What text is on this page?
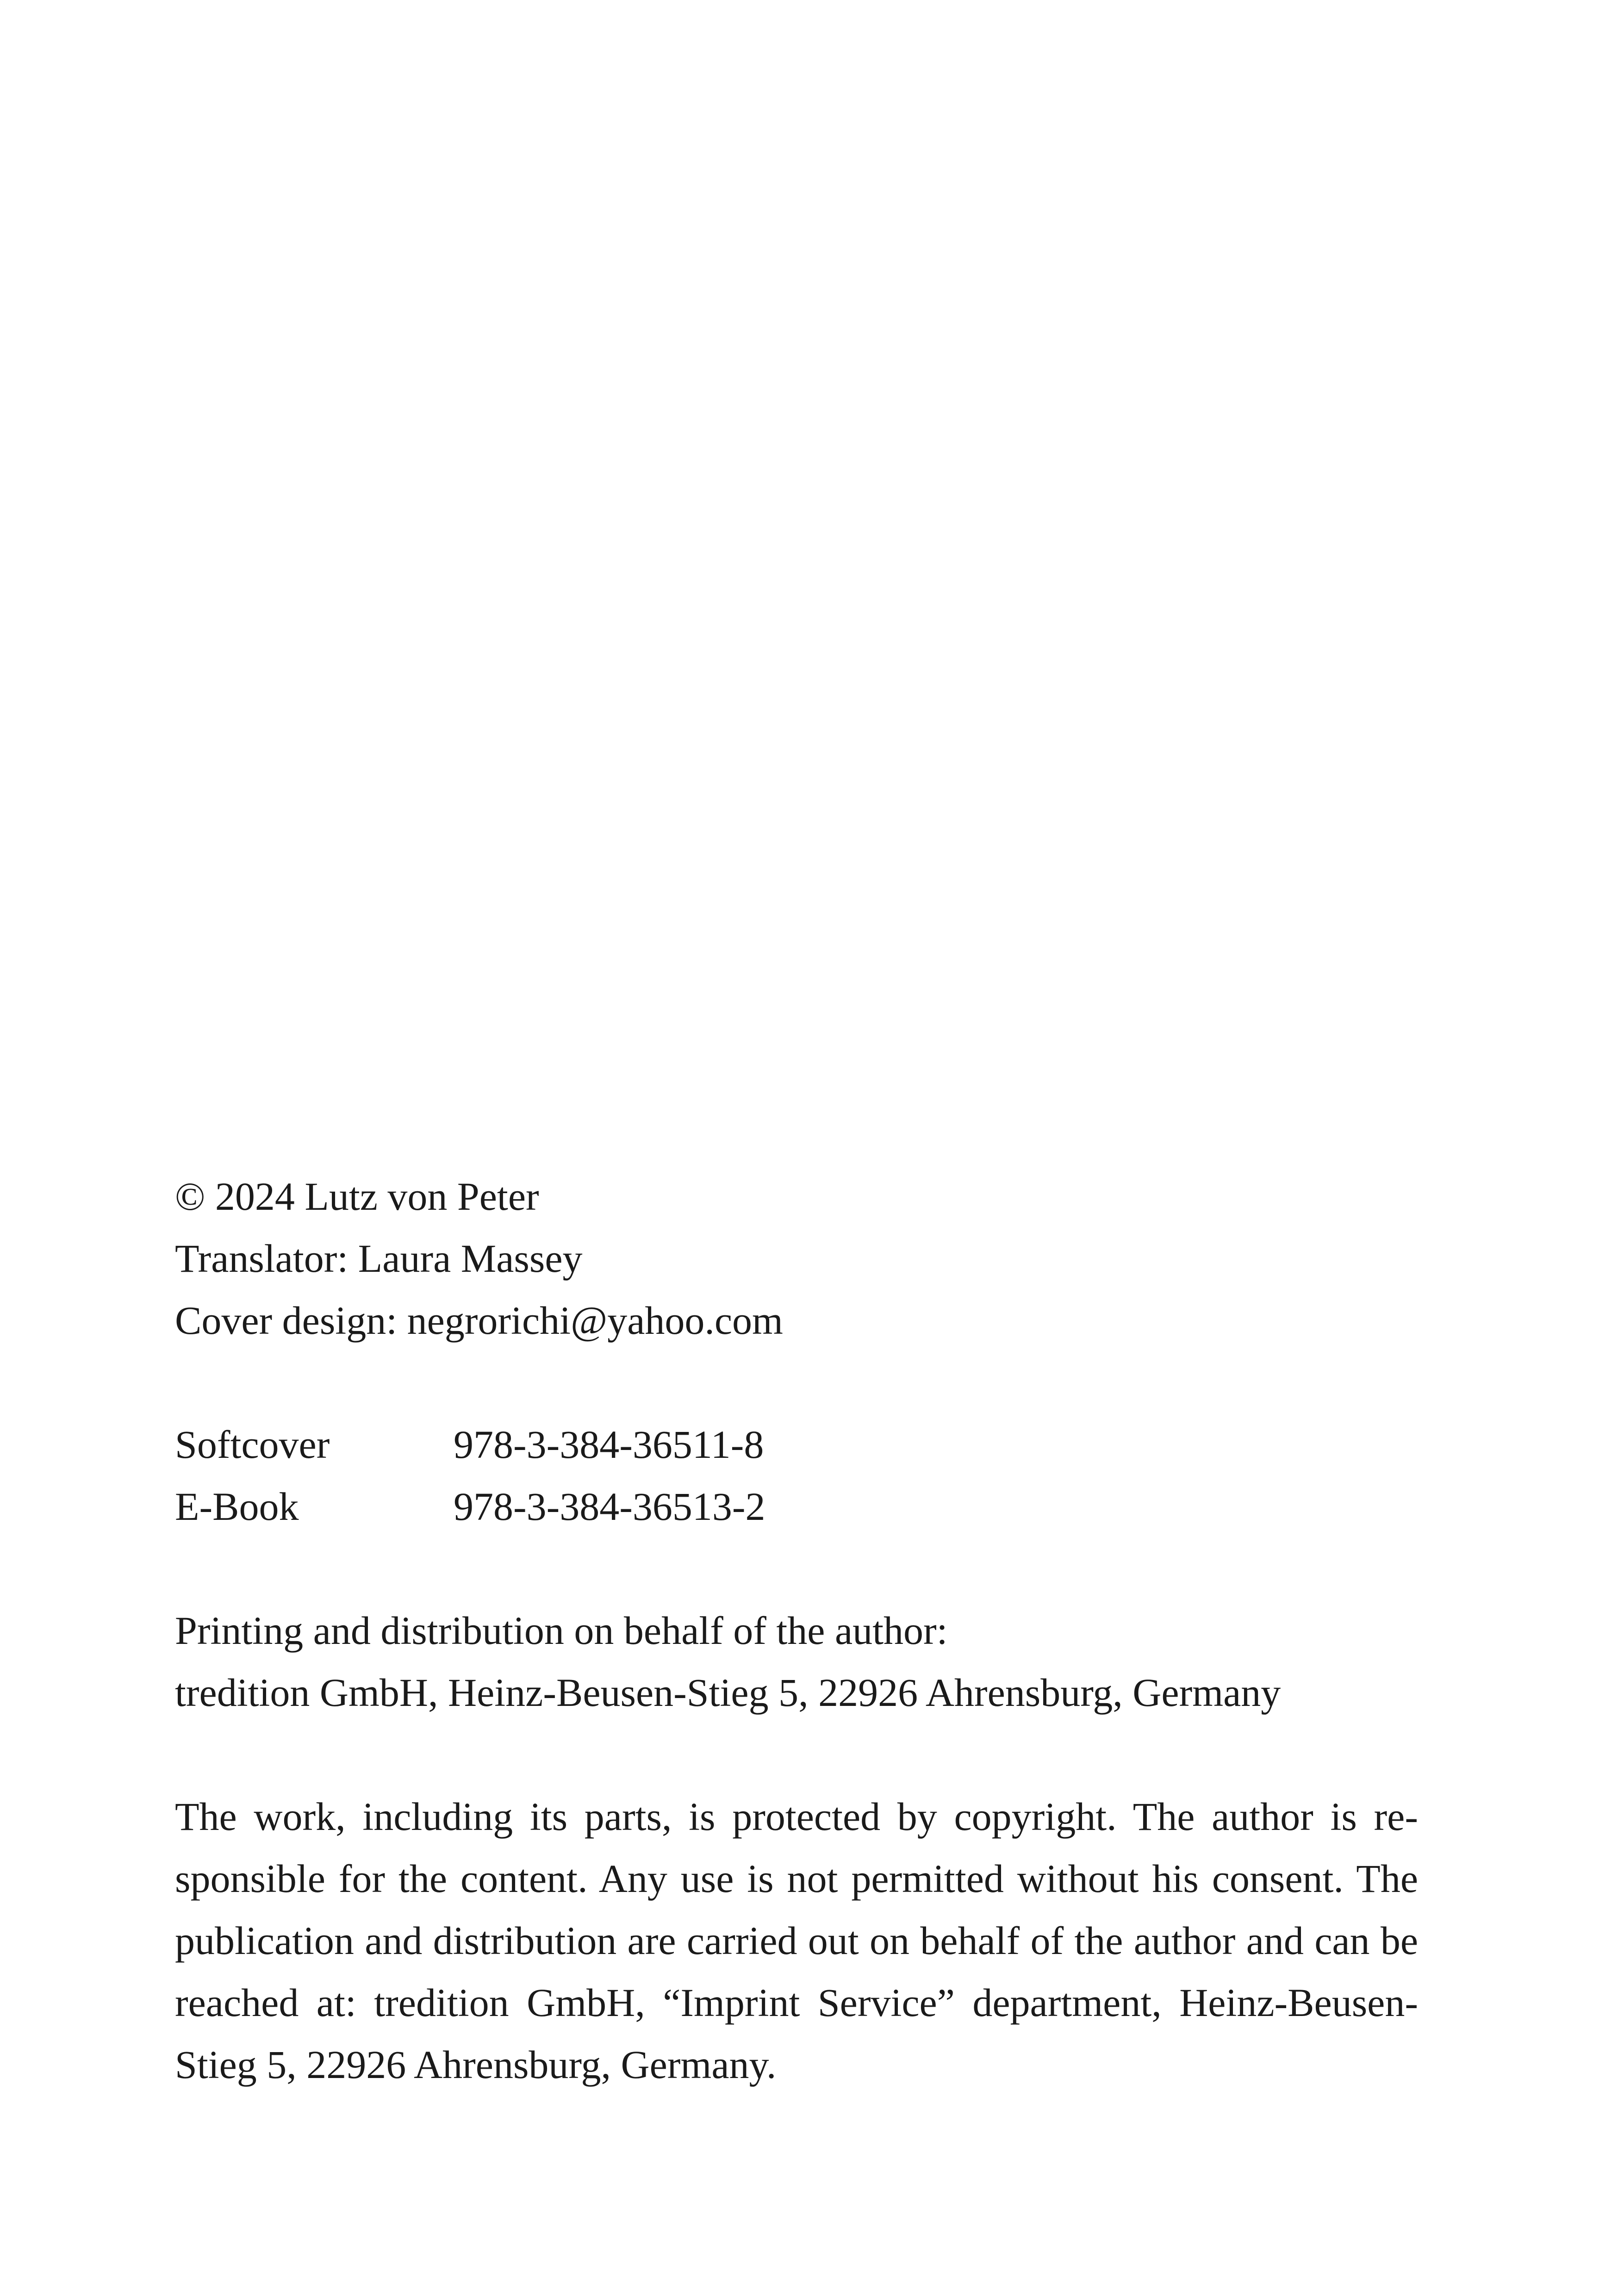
© 2024 Lutz von Peter
Translator: Laura Massey
Cover design: negrorichi@yahoo.com
Softcover	978-3-384-36511-8
E-Book	978-3-384-36513-2
Printing and distribution on behalf of the author:
tredition GmbH, Heinz-Beusen-Stieg 5, 22926 Ahrensburg, Germany

The work, including its parts, is protected by copyright. The author is responsible for the content. Any use is not permitted without his consent. The publication and distribution are carried out on behalf of the author and can be reached at: tredition GmbH, “Imprint Service” department, Heinz-Beusen-Stieg 5, 22926 Ahrensburg, Germany.
